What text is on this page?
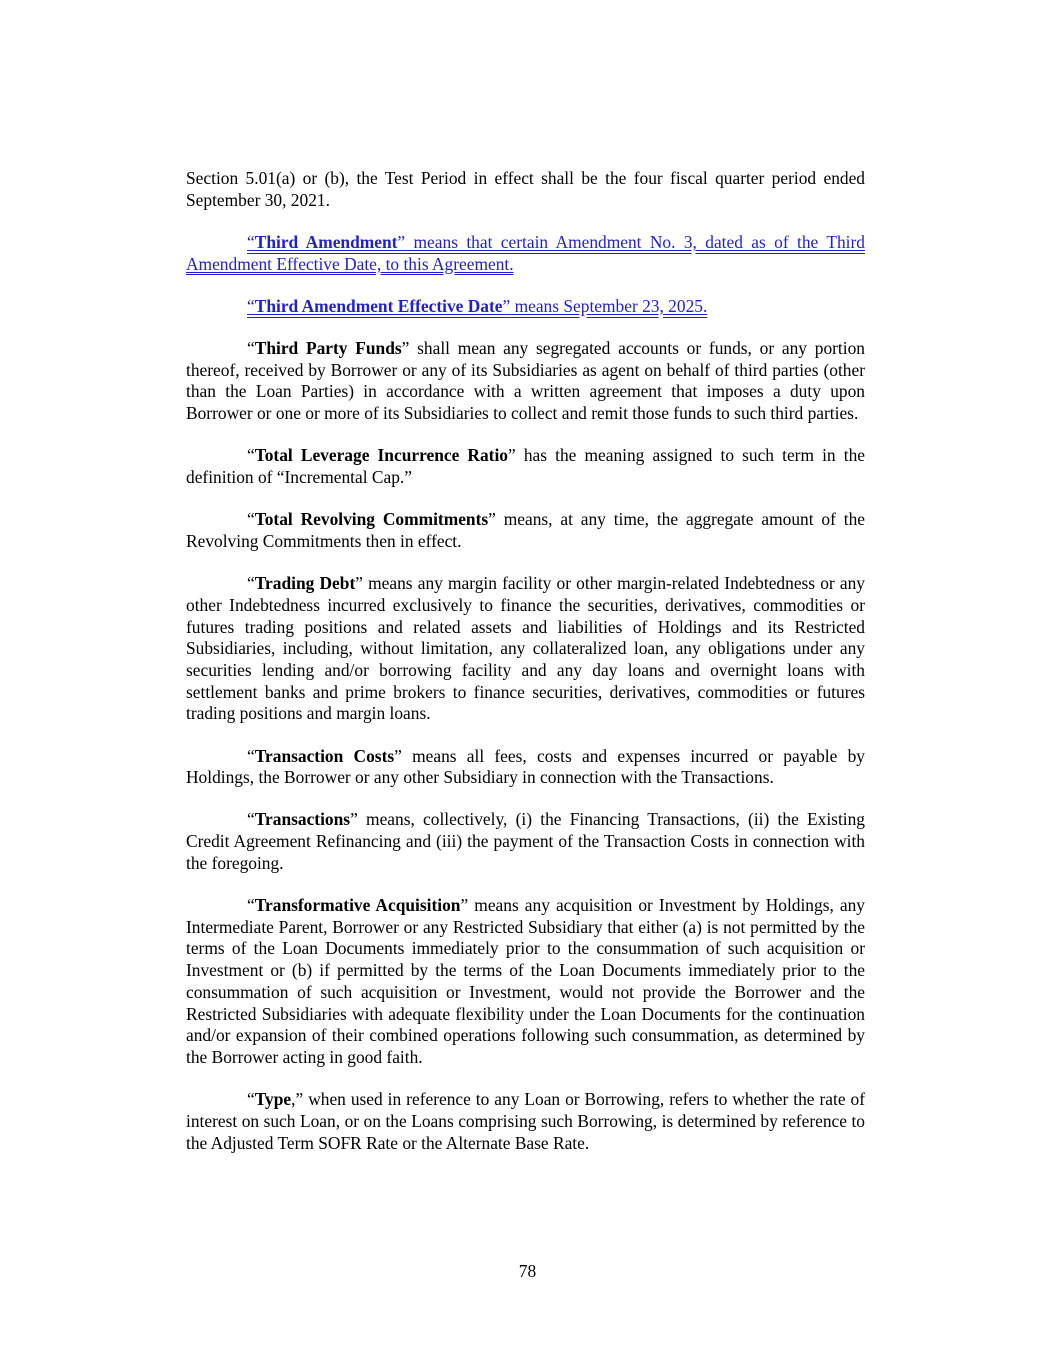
Section 5.01(a) or (b), the Test Period in effect shall be the four fiscal quarter period ended September 30, 2021.

“Third Amendment” means that certain Amendment No. 3, dated as of the Third Amendment Effective Date, to this Agreement.

“Third Amendment Effective Date” means September 23, 2025.

“Third Party Funds” shall mean any segregated accounts or funds, or any portion thereof, received by Borrower or any of its Subsidiaries as agent on behalf of third parties (other than the Loan Parties) in accordance with a written agreement that imposes a duty upon Borrower or one or more of its Subsidiaries to collect and remit those funds to such third parties.

“Total Leverage Incurrence Ratio” has the meaning assigned to such term in the definition of “Incremental Cap.”

“Total Revolving Commitments” means, at any time, the aggregate amount of the Revolving Commitments then in effect.

“Trading Debt” means any margin facility or other margin-related Indebtedness or any other Indebtedness incurred exclusively to finance the securities, derivatives, commodities or futures trading positions and related assets and liabilities of Holdings and its Restricted Subsidiaries, including, without limitation, any collateralized loan, any obligations under any securities lending and/or borrowing facility and any day loans and overnight loans with settlement banks and prime brokers to finance securities, derivatives, commodities or futures trading positions and margin loans.

“Transaction Costs” means all fees, costs and expenses incurred or payable by Holdings, the Borrower or any other Subsidiary in connection with the Transactions.

“Transactions” means, collectively, (i) the Financing Transactions, (ii) the Existing Credit Agreement Refinancing and (iii) the payment of the Transaction Costs in connection with the foregoing.

“Transformative Acquisition” means any acquisition or Investment by Holdings, any Intermediate Parent, Borrower or any Restricted Subsidiary that either (a) is not permitted by the terms of the Loan Documents immediately prior to the consummation of such acquisition or Investment or (b) if permitted by the terms of the Loan Documents immediately prior to the consummation of such acquisition or Investment, would not provide the Borrower and the Restricted Subsidiaries with adequate flexibility under the Loan Documents for the continuation and/or expansion of their combined operations following such consummation, as determined by the Borrower acting in good faith.

“Type,” when used in reference to any Loan or Borrowing, refers to whether the rate of interest on such Loan, or on the Loans comprising such Borrowing, is determined by reference to the Adjusted Term SOFR Rate or the Alternate Base Rate.

78
